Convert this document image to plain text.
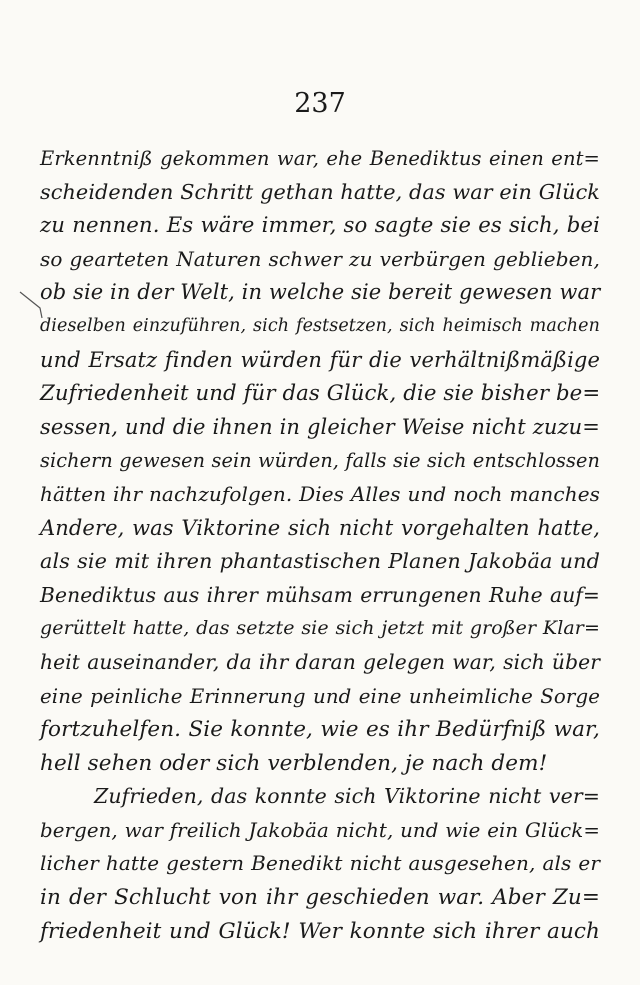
237
Erkenntniß gekommen war, ehe Benediktus einen ent=
scheidenden Schritt gethan hatte, das war ein Glück
zu nennen. Es wäre immer, so sagte sie es sich, bei
so gearteten Naturen schwer zu verbürgen geblieben,
ob sie in der Welt, in welche sie bereit gewesen war
dieselben einzuführen, sich festsetzen, sich heimisch machen
und Ersatz finden würden für die verhältnißmäßige
Zufriedenheit und für das Glück, die sie bisher be=
sessen, und die ihnen in gleicher Weise nicht zuzu=
sichern gewesen sein würden, falls sie sich entschlossen
hätten ihr nachzufolgen. Dies Alles und noch manches
Andere, was Viktorine sich nicht vorgehalten hatte,
als sie mit ihren phantastischen Planen Jakobäa und
Benediktus aus ihrer mühsam errungenen Ruhe auf=
gerüttelt hatte, das setzte sie sich jetzt mit großer Klar=
heit auseinander, da ihr daran gelegen war, sich über
eine peinliche Erinnerung und eine unheimliche Sorge
fortzuhelfen. Sie konnte, wie es ihr Bedürfniß war,
hell sehen oder sich verblenden, je nach dem!
Zufrieden, das konnte sich Viktorine nicht ver=
bergen, war freilich Jakobäa nicht, und wie ein Glück=
licher hatte gestern Benedikt nicht ausgesehen, als er
in der Schlucht von ihr geschieden war. Aber Zu=
friedenheit und Glück! Wer konnte sich ihrer auch
